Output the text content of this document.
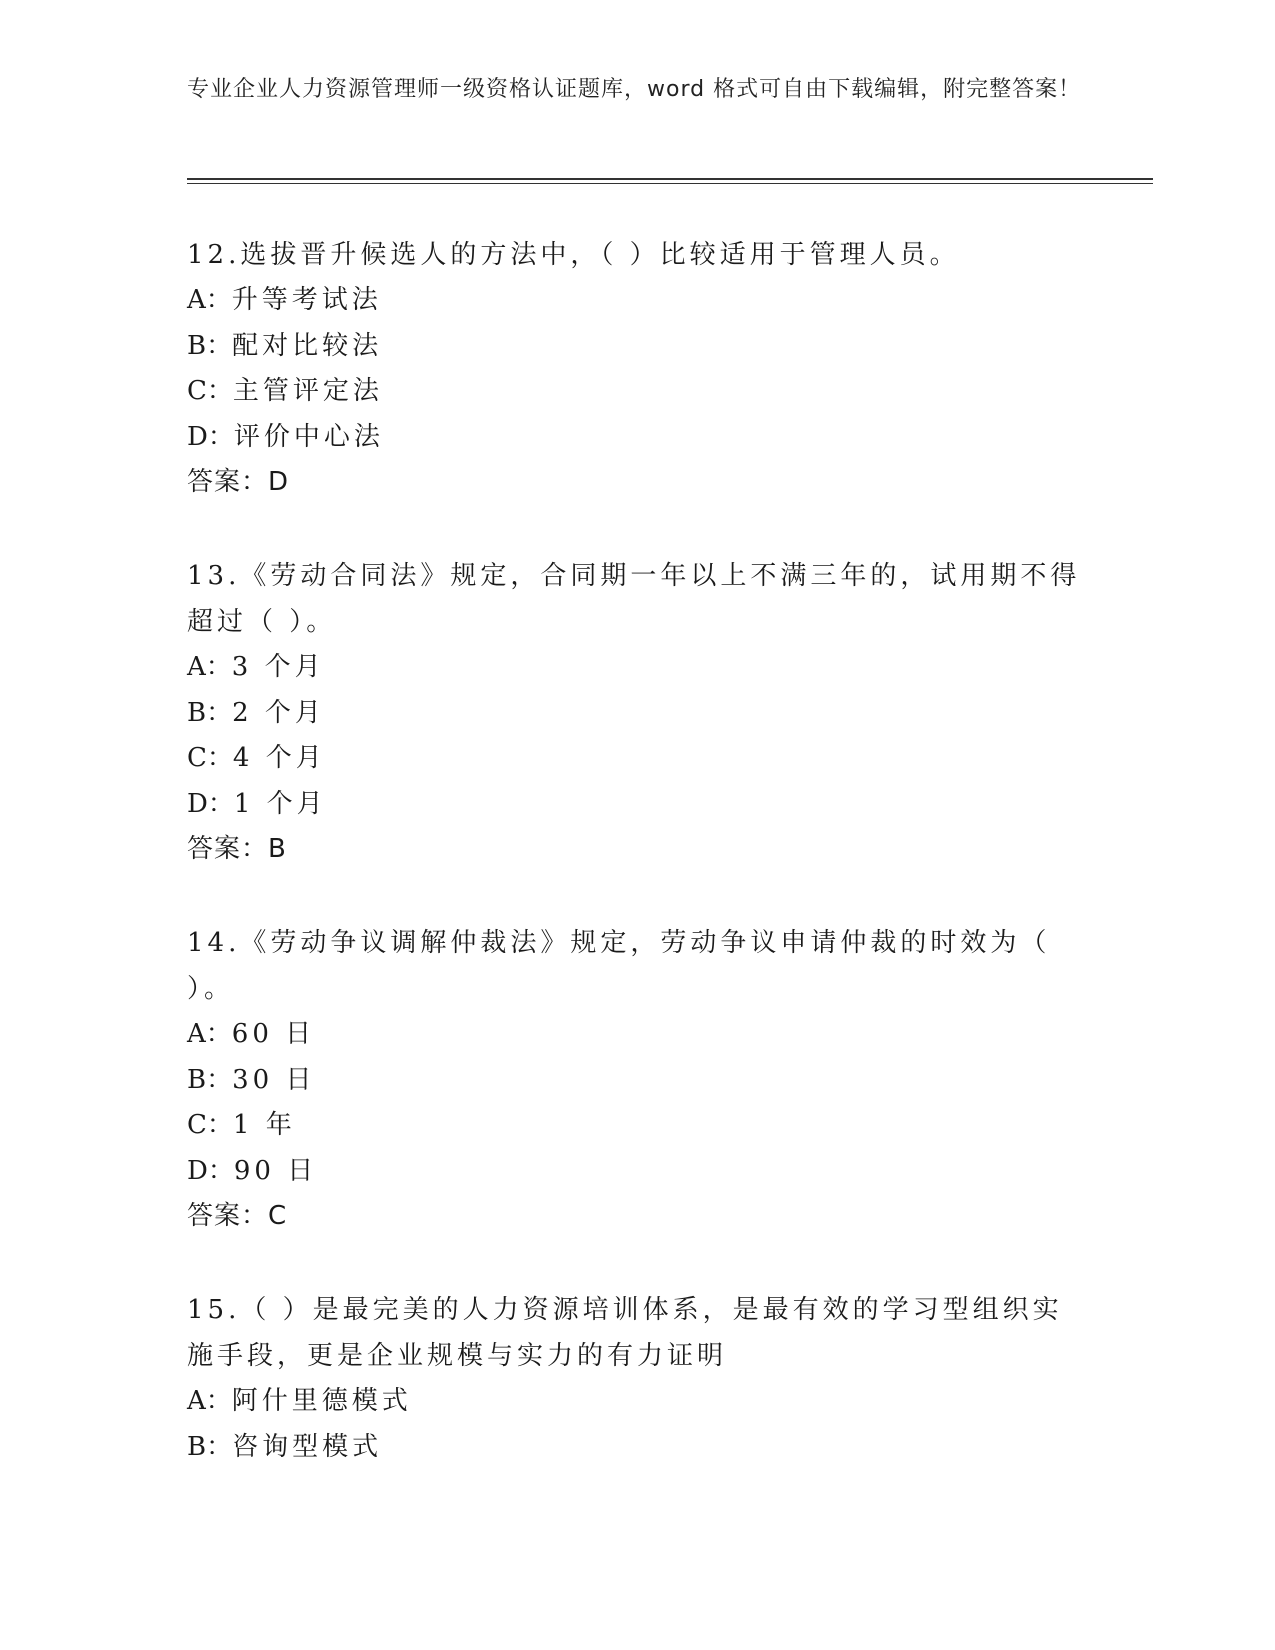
专业企业人力资源管理师一级资格认证题库，word 格式可自由下载编辑，附完整答案！

12.选拔晋升候选人的方法中，（ ）比较适用于管理人员。

A：升等考试法

B：配对比较法

C：主管评定法

D：评价中心法

答案：D

13.《劳动合同法》规定，合同期一年以上不满三年的，试用期不得超过（ ）。

A：3 个月

B：2 个月

C：4 个月

D：1 个月

答案：B

14.《劳动争议调解仲裁法》规定，劳动争议申请仲裁的时效为（ ）。

A：60 日

B：30 日

C：1 年

D：90 日

答案：C

15.（ ）是最完美的人力资源培训体系，是最有效的学习型组织实施手段，更是企业规模与实力的有力证明

A：阿什里德模式

B：咨询型模式
